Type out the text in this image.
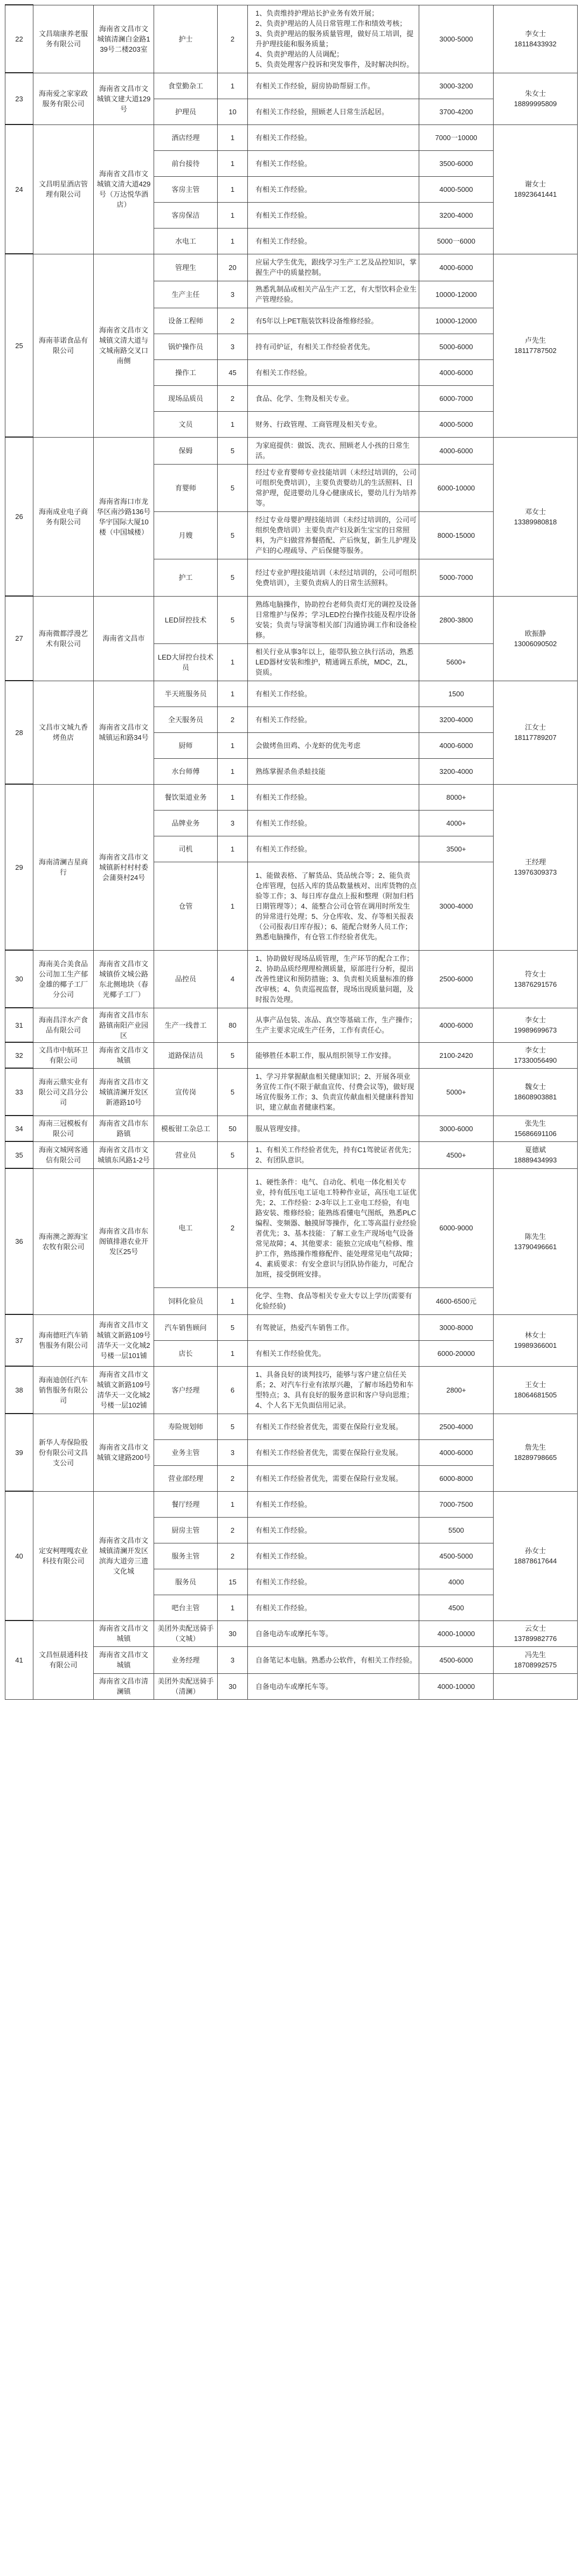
22	文昌瑞康养老服务有限公司	海南省文昌市文城镇清澜白金路139号二楼203室	护士	2	1、负责维持护理站长护业务有效开展；
2、负责护理站的人员日常管理工作和绩效考核；
3、负责护理站的服务质量管理，做好员工培训，提升护理技能和服务质量；
4、负责护理站的人员调配；
5、负责处理客户投诉和突发事件，及时解决纠纷。	3000-5000	李女士
18118433932
23	海南爱之家家政服务有限公司	海南省文昌市文城镇文建大道129号	食堂勤杂工	1	有相关工作经验，厨房协助帮厨工作。	3000-3200	朱女士
18899995809
			护理员	10	有相关工作经验，照顾老人日常生活起居。	3700-4200	
24	文昌明星酒店管理有限公司	海南省文昌市文城镇文清大道429号（万达悦华酒店）	酒店经理	1	有相关工作经验。	7000一10000	谢女士
18923641441
			前台接待	1	有相关工作经验。	3500-6000	
			客房主管	1	有相关工作经验。	4000-5000	
			客房保洁	1	有相关工作经验。	3200-4000	
			水电工	1	有相关工作经验。	5000一6000	
25	海南菲诺食品有限公司	海南省文昌市文城镇文清大道与文城南路交叉口南侧	管理生	20	应届大学生优先，跟线学习生产工艺及品控知识，掌握生产中的质量控制。	4000-6000	卢先生
18117787502
			生产主任	3	熟悉乳制品或相关产品生产工艺，有大型饮料企业生产管理经验。	10000-12000	
			设备工程师	2	有5年以上PET瓶装饮料设备维修经验。	10000-12000	
			锅炉操作员	3	持有司炉证，有相关工作经验者优先。	5000-6000	
			操作工	45	有相关工作经验。	4000-6000	
			现场品质员	2	食品、化学、生物及相关专业。	6000-7000	
			文员	1	财务、行政管理、工商管理及相关专业。	4000-5000	
26	海南成业电子商务有限公司	海南省海口市龙华区南沙路136号华宇国际大厦10楼（中国城楼）	保姆	5	为家庭提供：做饭、洗衣、照顾老人小孩的日常生活。	4000-6000	邓女士
13389980818
			育婴师	5	经过专业育婴师专业技能培训（未经过培训的，公司可组织免费培训），主要负责婴幼儿的生活照料、日常护理，促进婴幼儿身心健康成长，婴幼儿行为培养等。	6000-10000	
			月嫂	5	经过专业母婴护理技能培训（未经过培训的，公司可组织免费培训）主要负责产妇及新生宝宝的日常照料，为产妇做营养餐搭配、产后恢复，新生儿护理及产妇的心理疏导、产后保健等服务。	8000-15000	
			护工	5	经过专业护理技能培训（未经过培训的，公司可组织免费培训），主要负责病人的日常生活照料。	5000-7000	
27	海南微都浮漫艺术有限公司	海南省文昌市	LED屏控技术	5	熟练电脑操作，协助控台老师负责灯光的调控及设备日常维护与保养；学习LED控台操作技能及程序设备安装；负责与导演等相关部门沟通协调工作和设备检修。	2800-3800	欧振静
13006090502
			LED大屏控台技术员	1	相关行业从事3年以上，能带队独立执行活动，熟悉LED器材安装和维护，精通调五系统，MDC，ZL，资质。	5600+	
28	文昌市文城九香烤鱼店	海南省文昌市文城镇运和路34号	半天班服务员	1	有相关工作经验。	1500	江女士
18117789207
			全天服务员	2	有相关工作经验。	3200-4000	
			厨师	1	会做烤鱼田鸡、小龙虾的优先考虑	4000-6000	
			水台师傅	1	熟练掌握杀鱼杀蛙技能	3200-4000	
29	海南清澜吉星商行	海南省文昌市文城镇新村村村委会蒲葵村24号	餐饮渠道业务	1	有相关工作经验。	8000+	王经理
13976309373
			品牌业务	3	有相关工作经验。	4000+	
			司机	1	有相关工作经验。	3500+	
			仓管	1	1、能做表格、了解货品、货品统合等；2、能负责仓库管理，包括入库的货品数量核对、出库货物的点验等工作；3、每日库存盘点上报和整理（附加归档日期管理等）；4、能整合公司仓管在调用时所发生的异常进行处理；5、分仓库收、发、存等相关报表（公司报表/日库存报）；6、能配合财务人员工作；熟悉电脑操作，有仓管工作经验者优先。	3000-4000	
30	海南美合美食品公司加工生产郁金雄的椰子工厂分公司	海南省文昌市文城镇侨文城公路东北侧地块（春光椰子工厂）	品控员	4	1、协助做好现场品质管理，生产环节的配合工作；2、协助品质经理理检测质量，原部进行分析，提出改善性建议和预防措施；3、负责相关质量标准的修改审核；4、负责巡视监督，现场出现质量问题，及时报告处理。	2500-6000	符女士
13876291576
31	海南昌洋水产食品有限公司	海南省文昌市东路镇南阳产业园区	生产一线普工	80	从事产品包装、冻品、真空等基础工作，生产操作；生产主要求完成生产任务，工作有责任心。	4000-6000	李女士
19989699673
32	文昌市中航环卫有限公司	海南省文昌市文城镇	道路保洁员	5	能够胜任本职工作，服从组织领导工作安排。	2100-2420	李女士
17330056490
33	海南云鼎实业有限公司文昌分公司	海南省文昌市文城镇清澜开发区新港路10号	宣传岗	5	1、学习并掌握献血相关健康知识；2、开展各项业务宣传工作(不限于献血宣传、付费会议等)，做好现场宣传服务工作；3、负责宣传献血相关健康科普知识，建立献血者健康档案。	5000+	魏女士
18608903881
34	海南三冠模板有限公司	海南省文昌市东路镇	模板钳工杂总工	50	服从管理安排。	3000-6000	张先生
15686691106
35	海南文城网客通信有限公司	海南省文昌市文城镇东风路1-2号	营业员	5	1、有相关工作经验者优先，持有C1驾驶证者优先；2、有团队意识。	4500+	夏德斌
18889434993
36	海南澳之源海宝农牧有限公司	海南省文昌市东阁镇排港农业开发区25号	电工	2	1、硬性条件：电气、自动化、机电一体化相关专业，持有低压电工证电工特种作业证，高压电工证优先；2、工作经验：2-3年以上工业电工经验，有电路安装、维修经验；能熟练看懂电气图纸，熟悉PLC编程、变频器、触摸屏等操作，化工等高温行业经验者优先；3、基本技能：了解工业生产现场电气设备常见故障；4、其他要求：能独立完成电气检修、维护工作，熟练操作维修配件、能处理常见电气故障；4、素质要求：有安全意识与团队协作能力，可配合加班，接受倒班安排。	6000-9000	陈先生
13790496661
			饲料化验员	1	化学、生物、食品等相关专业大专以上学历(需要有化验经验)	4600-6500元	
37	海南德旺汽车销售服务有限公司	海南省文昌市文城镇文新路109号清华天一文化城2号楼一层101铺	汽车销售顾问	5	有驾驶证，热爱汽车销售工作。	3000-8000	林女士
19989366001
			店长	1	有相关工作经验优先。	6000-20000	
38	海南迪创任汽车销售服务有限公司	海南省文昌市文城镇文新路109号清华天一文化城2号楼一层102铺	客户经理	6	1、具备良好的谈判技巧，能够与客户建立信任关系；2、对汽车行业有浓厚兴趣，了解市场趋势和车型特点；3、具有良好的服务意识和客户导向思维；4、个人名下无负面信用记录。	2800+	王女士
18064681505
39	新华人寿保险股份有限公司文昌支公司	海南省文昌市文城镇文建路200号	寿险规划师	5	有相关工作经验者优先，需要在保险行业发展。	2500-4000	詹先生
18289798665
			业务主管	3	有相关工作经验者优先，需要在保险行业发展。	4000-6000	
			营业部经理	2	有相关工作经验者优先，需要在保险行业发展。	6000-8000	
40	定安柯哩嘎农业科技有限公司	海南省文昌市文城镇清澜开发区滨海大道旁三遗文化城	餐厅经理	1	有相关工作经验。	7000-7500	孙女士
18878617644
			厨房主管	2	有相关工作经验。	5500	
			服务主管	2	有相关工作经验。	4500-5000	
			服务员	15	有相关工作经验。	4000	
			吧台主管	1	有相关工作经验。	4500	
41	文昌恒晨通科技有限公司	海南省文昌市文城镇	美团外卖配送骑手（文城）	30	自备电动车或摩托车等。	4000-10000	云女士
13789982776
		海南省文昌市文城镇	业务经理	3	自备笔记本电脑。熟悉办公软件，有相关工作经验。	4500-6000	冯先生
18708992575
		海南省文昌市清澜镇	美团外卖配送骑手（清澜）	30	自备电动车或摩托车等。	4000-10000	
